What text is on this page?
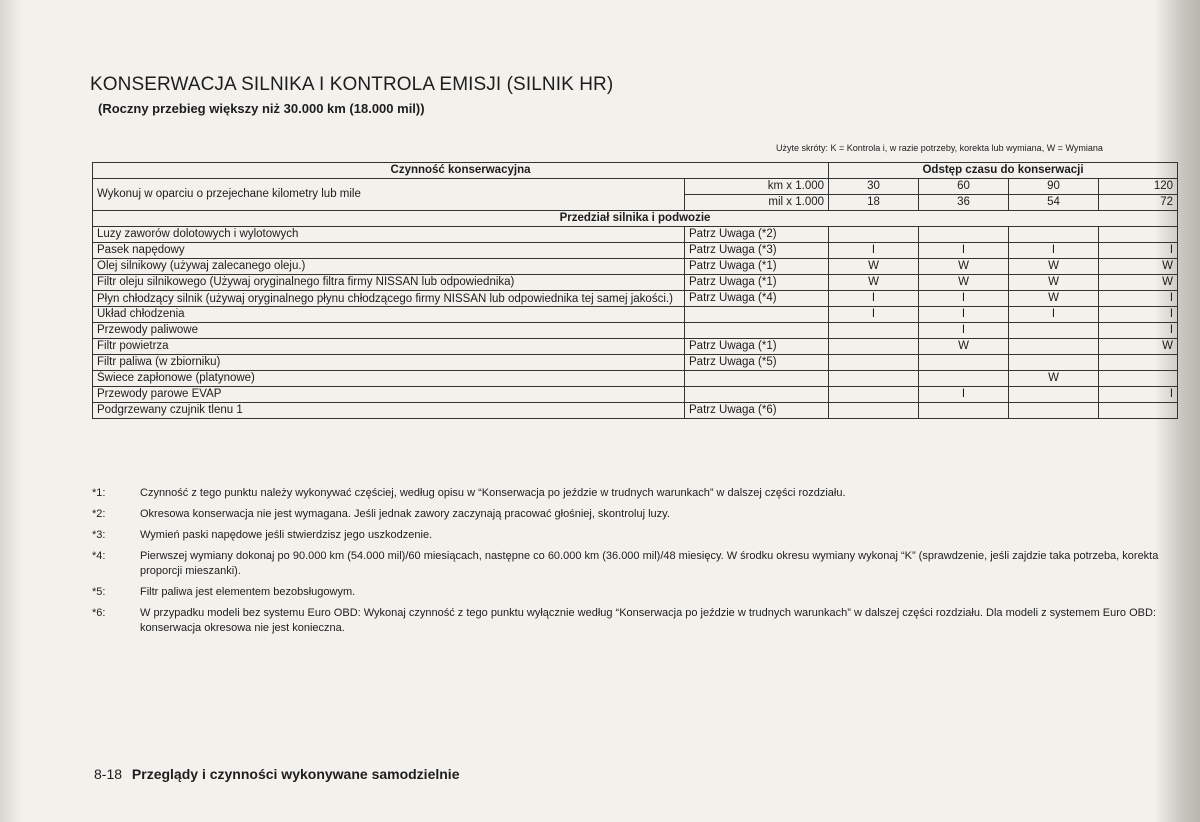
KONSERWACJA SILNIKA I KONTROLA EMISJI (SILNIK HR)
(Roczny przebieg większy niż 30.000 km (18.000 mil))
Użyte skróty: K = Kontrola i, w razie potrzeby, korekta lub wymiana, W = Wymiana
Czynność konserwacyjna		Odstęp czasu do konserwacji			
Wykonuj w oparciu o przejechane kilometry lub mile	km x 1.000	30	60	90	120
	mil x 1.000	18	36	54	72
Przedział silnika i podwozie					
Luzy zaworów dolotowych i wylotowych	Patrz Uwaga (*2)				
Pasek napędowy	Patrz Uwaga (*3)	I	I	I	I
Olej silnikowy (używaj zalecanego oleju.)	Patrz Uwaga (*1)	W	W	W	W
Filtr oleju silnikowego (Używaj oryginalnego filtra firmy NISSAN lub odpowiednika)	Patrz Uwaga (*1)	W	W	W	W
Płyn chłodzący silnik (używaj oryginalnego płynu chłodzącego firmy NISSAN lub odpowiednika tej samej jakości.)	Patrz Uwaga (*4)	I	I	W	I
Układ chłodzenia		I	I	I	I
Przewody paliwowe			I		I
Filtr powietrza	Patrz Uwaga (*1)		W		W
Filtr paliwa (w zbiorniku)	Patrz Uwaga (*5)				
Świece zapłonowe (platynowe)				W	
Przewody parowe EVAP			I		I
Podgrzewany czujnik tlenu 1	Patrz Uwaga (*6)				
*1:	Czynność z tego punktu należy wykonywać częściej, według opisu w “Konserwacja po jeździe w trudnych warunkach” w dalszej części rozdziału.
*2:	Okresowa konserwacja nie jest wymagana. Jeśli jednak zawory zaczynają pracować głośniej, skontroluj luzy.
*3:	Wymień paski napędowe jeśli stwierdzisz jego uszkodzenie.
*4:	Pierwszej wymiany dokonaj po 90.000 km (54.000 mil)/60 miesiącach, następne co 60.000 km (36.000 mil)/48 miesięcy. W środku okresu wymiany wykonaj “K” (sprawdzenie, jeśli zajdzie taka potrzeba, korekta proporcji mieszanki).
*5:	Filtr paliwa jest elementem bezobsługowym.
*6:	W przypadku modeli bez systemu Euro OBD: Wykonaj czynność z tego punktu wyłącznie według “Konserwacja po jeździe w trudnych warunkach” w dalszej części rozdziału. Dla modeli z systemem Euro OBD: konserwacja okresowa nie jest konieczna.
8-18 Przeglądy i czynności wykonywane samodzielnie
